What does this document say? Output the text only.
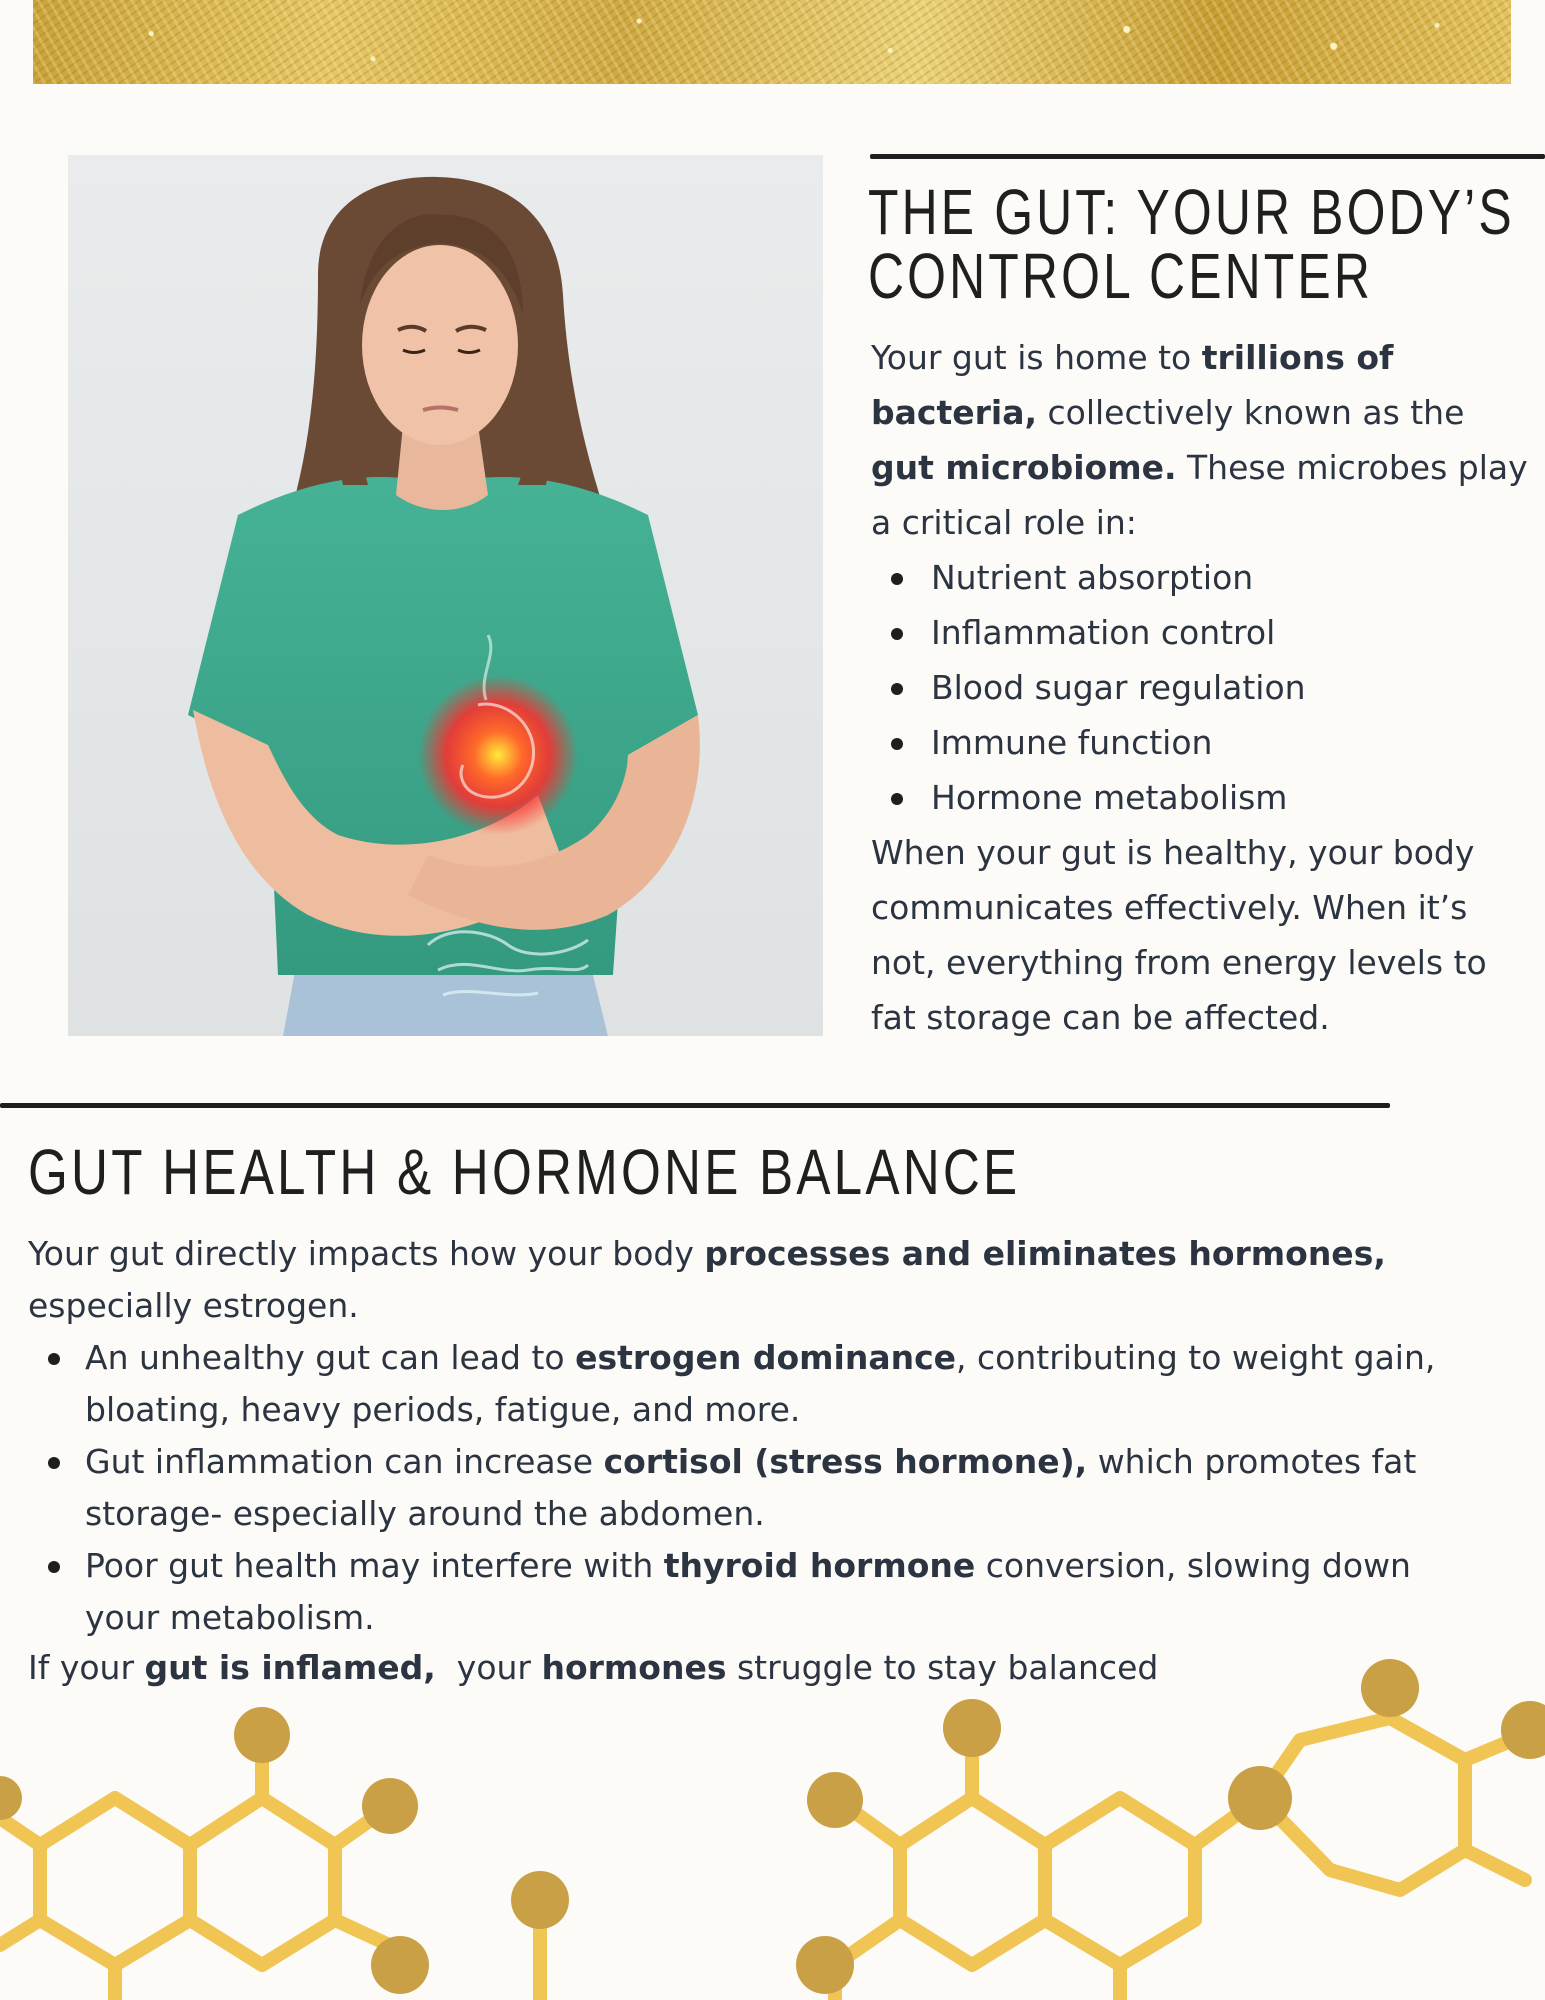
THE GUT: YOUR BODY’S
CONTROL CENTER

Your gut is home to trillions of bacteria, collectively known as the gut microbiome. These microbes play a critical role in:

Nutrient absorption
Inflammation control
Blood sugar regulation
Immune function
Hormone metabolism

When your gut is healthy, your body communicates effectively. When it’s not, everything from energy levels to fat storage can be affected.

GUT HEALTH & HORMONE BALANCE

Your gut directly impacts how your body processes and eliminates hormones, especially estrogen.

An unhealthy gut can lead to estrogen dominance, contributing to weight gain, bloating, heavy periods, fatigue, and more.
Gut inflammation can increase cortisol (stress hormone), which promotes fat storage- especially around the abdomen.
Poor gut health may interfere with thyroid hormone conversion, slowing down your metabolism.

If your gut is inflamed,  your hormones struggle to stay balanced
